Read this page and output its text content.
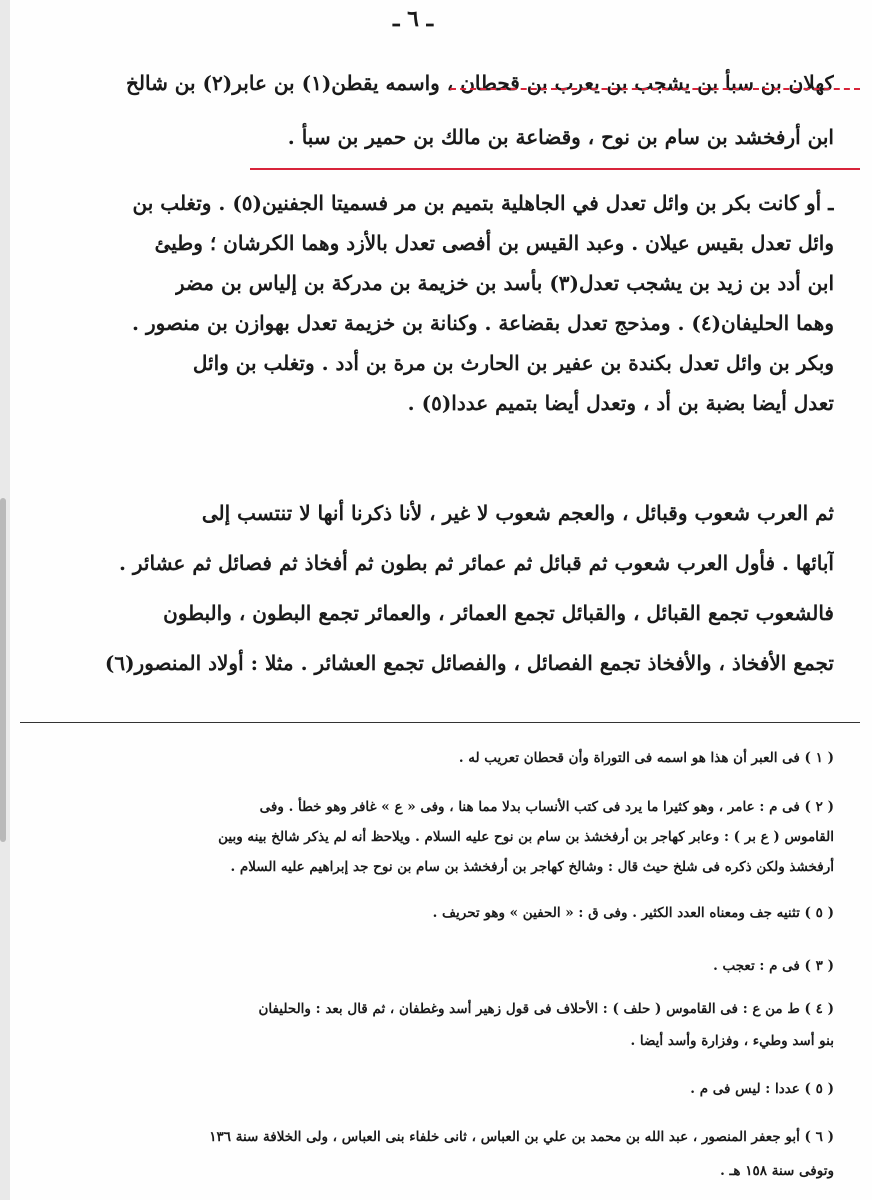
ـ ٦ ـ
كهلان بن سبأ بن يشجب بن يعرب بن قحطان ، واسمه يقطن(١) بن عابر(٢) بن شالخ
ابن أرفخشد بن سام بن نوح ، وقضاعة بن مالك بن حمير بن سبأ .
ـ أو كانت بكر بن وائل تعدل في الجاهلية بتميم بن مر فسميتا الجفنين(٥) . وتغلب بن
وائل تعدل بقيس عيلان . وعبد القيس بن أفصى تعدل بالأزد وهما الكرشان ؛ وطيئ
ابن أدد بن زيد بن يشجب تعدل(٣) بأسد بن خزيمة بن مدركة بن إلياس بن مضر
وهما الحليفان(٤) . ومذحج تعدل بقضاعة . وكنانة بن خزيمة تعدل بهوازن بن منصور .
وبكر بن وائل تعدل بكندة بن عفير بن الحارث بن مرة بن أدد . وتغلب بن وائل
تعدل أيضا بضبة بن أد ، وتعدل أيضا بتميم عددا(٥) .
ثم العرب شعوب وقبائل ، والعجم شعوب لا غير ، لأنا ذكرنا أنها لا تنتسب إلى
آبائها . فأول العرب شعوب ثم قبائل ثم عمائر ثم بطون ثم أفخاذ ثم فصائل ثم عشائر .
فالشعوب تجمع القبائل ، والقبائل تجمع العمائر ، والعمائر تجمع البطون ، والبطون
تجمع الأفخاذ ، والأفخاذ تجمع الفصائل ، والفصائل تجمع العشائر . مثلا : أولاد المنصور(٦)
( ١ ) فى العبر أن هذا هو اسمه فى التوراة وأن قحطان تعريب له .
( ٢ ) فى م : عامر ، وهو كثيرا ما يرد فى كتب الأنساب بدلا مما هنا ، وفى « ع » غافر وهو خطأ . وفى
القاموس ( ع بر ) : وعابر كهاجر بن أرفخشذ بن سام بن نوح عليه السلام . ويلاحظ أنه لم يذكر شالخ بينه وبين
أرفخشذ ولكن ذكره فى شلخ حيث قال : وشالخ كهاجر بن أرفخشذ بن سام بن نوح جد إبراهيم عليه السلام .
( ٥ ) تثنيه جف ومعناه العدد الكثير . وفى ق : « الحفين » وهو تحريف .
( ٣ ) فى م : تعجب .
( ٤ ) ط من ع : فى القاموس ( حلف ) : الأحلاف فى قول زهير أسد وغطفان ، ثم قال بعد : والحليفان
بنو أسد وطيء ، وفزارة وأسد أيضا .
( ٥ ) عددا : ليس فى م .
( ٦ ) أبو جعفر المنصور ، عبد الله بن محمد بن علي بن العباس ، ثانى خلفاء بنى العباس ، ولى الخلافة سنة ١٣٦
وتوفى سنة ١٥٨ هـ .
